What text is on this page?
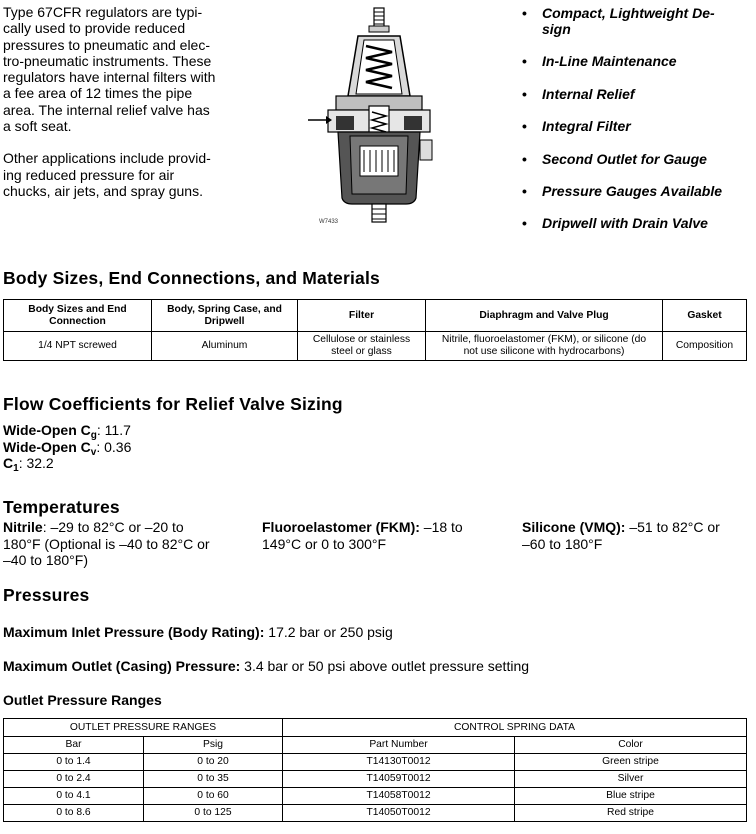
Type 67CFR regulators are typi-
cally used to provide reduced
pressures to pneumatic and elec-
tro-pneumatic instruments. These
regulators have internal filters with
a fee area of 12 times the pipe
area. The internal relief valve has
a soft seat.

Other applications include provid-
ing reduced pressure for air
chucks, air jets, and spray guns.

W7433
• Compact, Lightweight De-
sign
• In-Line Maintenance
• Internal Relief
• Integral Filter
• Second Outlet for Gauge
• Pressure Gauges Available
• Dripwell with Drain Valve
Body Sizes, End Connections, and Materials
Body Sizes and End
Connection	Body, Spring Case, and
Dripwell	Filter	Diaphragm and Valve Plug	Gasket
1/4 NPT screwed	Aluminum	Cellulose or stainless
steel or glass	Nitrile, fluoroelastomer (FKM), or silicone (do
not use silicone with hydrocarbons)	Composition
Flow Coefficients for Relief Valve Sizing
Wide-Open $C_g$: 11.7
Wide-Open $C_v$: 0.36
$C_1$: 32.2
Temperatures
Nitrile: –29 to 82°C or –20 to
180°F (Optional is –40 to 82°C or
–40 to 180°F)
Fluoroelastomer (FKM): –18 to
149°C or 0 to 300°F
Silicone (VMQ): –51 to 82°C or
–60 to 180°F
Pressures
Maximum Inlet Pressure (Body Rating): 17.2 bar or 250 psig
Maximum Outlet (Casing) Pressure: 3.4 bar or 50 psi above outlet pressure setting
Outlet Pressure Ranges
OUTLET PRESSURE RANGES		CONTROL SPRING DATA	
Bar	Psig	Part Number	Color
0 to 1.4	0 to 20	T14130T0012	Green stripe
0 to 2.4	0 to 35	T14059T0012	Silver
0 to 4.1	0 to 60	T14058T0012	Blue stripe
0 to 8.6	0 to 125	T14050T0012	Red stripe
